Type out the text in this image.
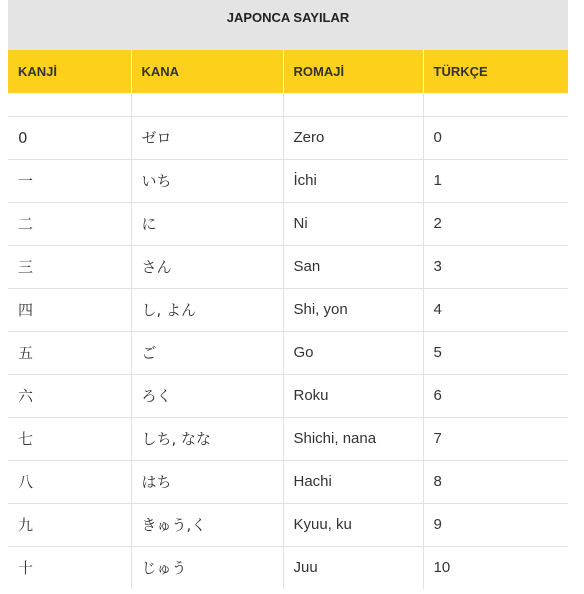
JAPONCA SAYILAR
KANJİ	KANA	ROMAJİ	TÜRKÇE

0	ゼロ	Zero	0
一	いち	İchi	1
二	に	Ni	2
三	さん	San	3
四	し, よん	Shi, yon	4
五	ご	Go	5
六	ろく	Roku	6
七	しち, なな	Shichi, nana	7
八	はち	Hachi	8
九	きゅう,く	Kyuu, ku	9
十	じゅう	Juu	10
